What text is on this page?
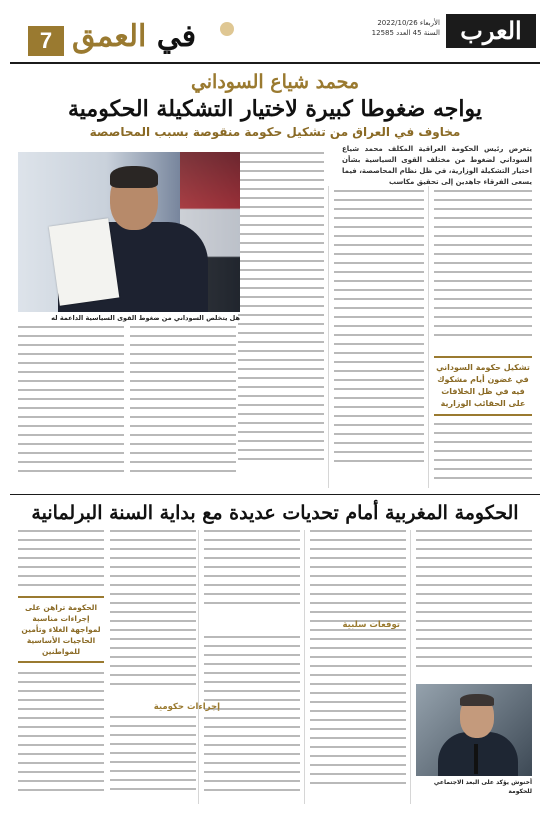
العرب
الأربعاء 2022/10/26
السنة 45 العدد 12585
في العمق
7
محمد شياع السوداني
يواجه ضغوطا كبيرة لاختيار التشكيلة الحكومية
مخاوف في العراق من تشكيل حكومة منقوصة بسبب المحاصصة
يتعرض رئيس الحكومة العراقية المكلف محمد شياع السوداني لضغوط من مختلف القوى السياسية بشأن اختيار التشكيلة الوزارية، في ظل نظام المحاصصة، فيما يسعى الفرقاء جاهدين إلى تحقيق مكاسب
هل يتخلص السوداني من ضغوط القوى السياسية الداعمة له
تشكيل حكومة السوداني في غضون أيام مشكوك فيه في ظل الخلافات على الحقائب الوزارية
الحكومة المغربية أمام تحديات عديدة مع بداية السنة البرلمانية
توقعات سلبية
إجراءات حكومية
الحكومة تراهن على إجراءات مناسبة لمواجهة الغلاء وتأمين الحاجيات الأساسية للمواطنين
أخنوش يؤكد على البعد الاجتماعي للحكومة
